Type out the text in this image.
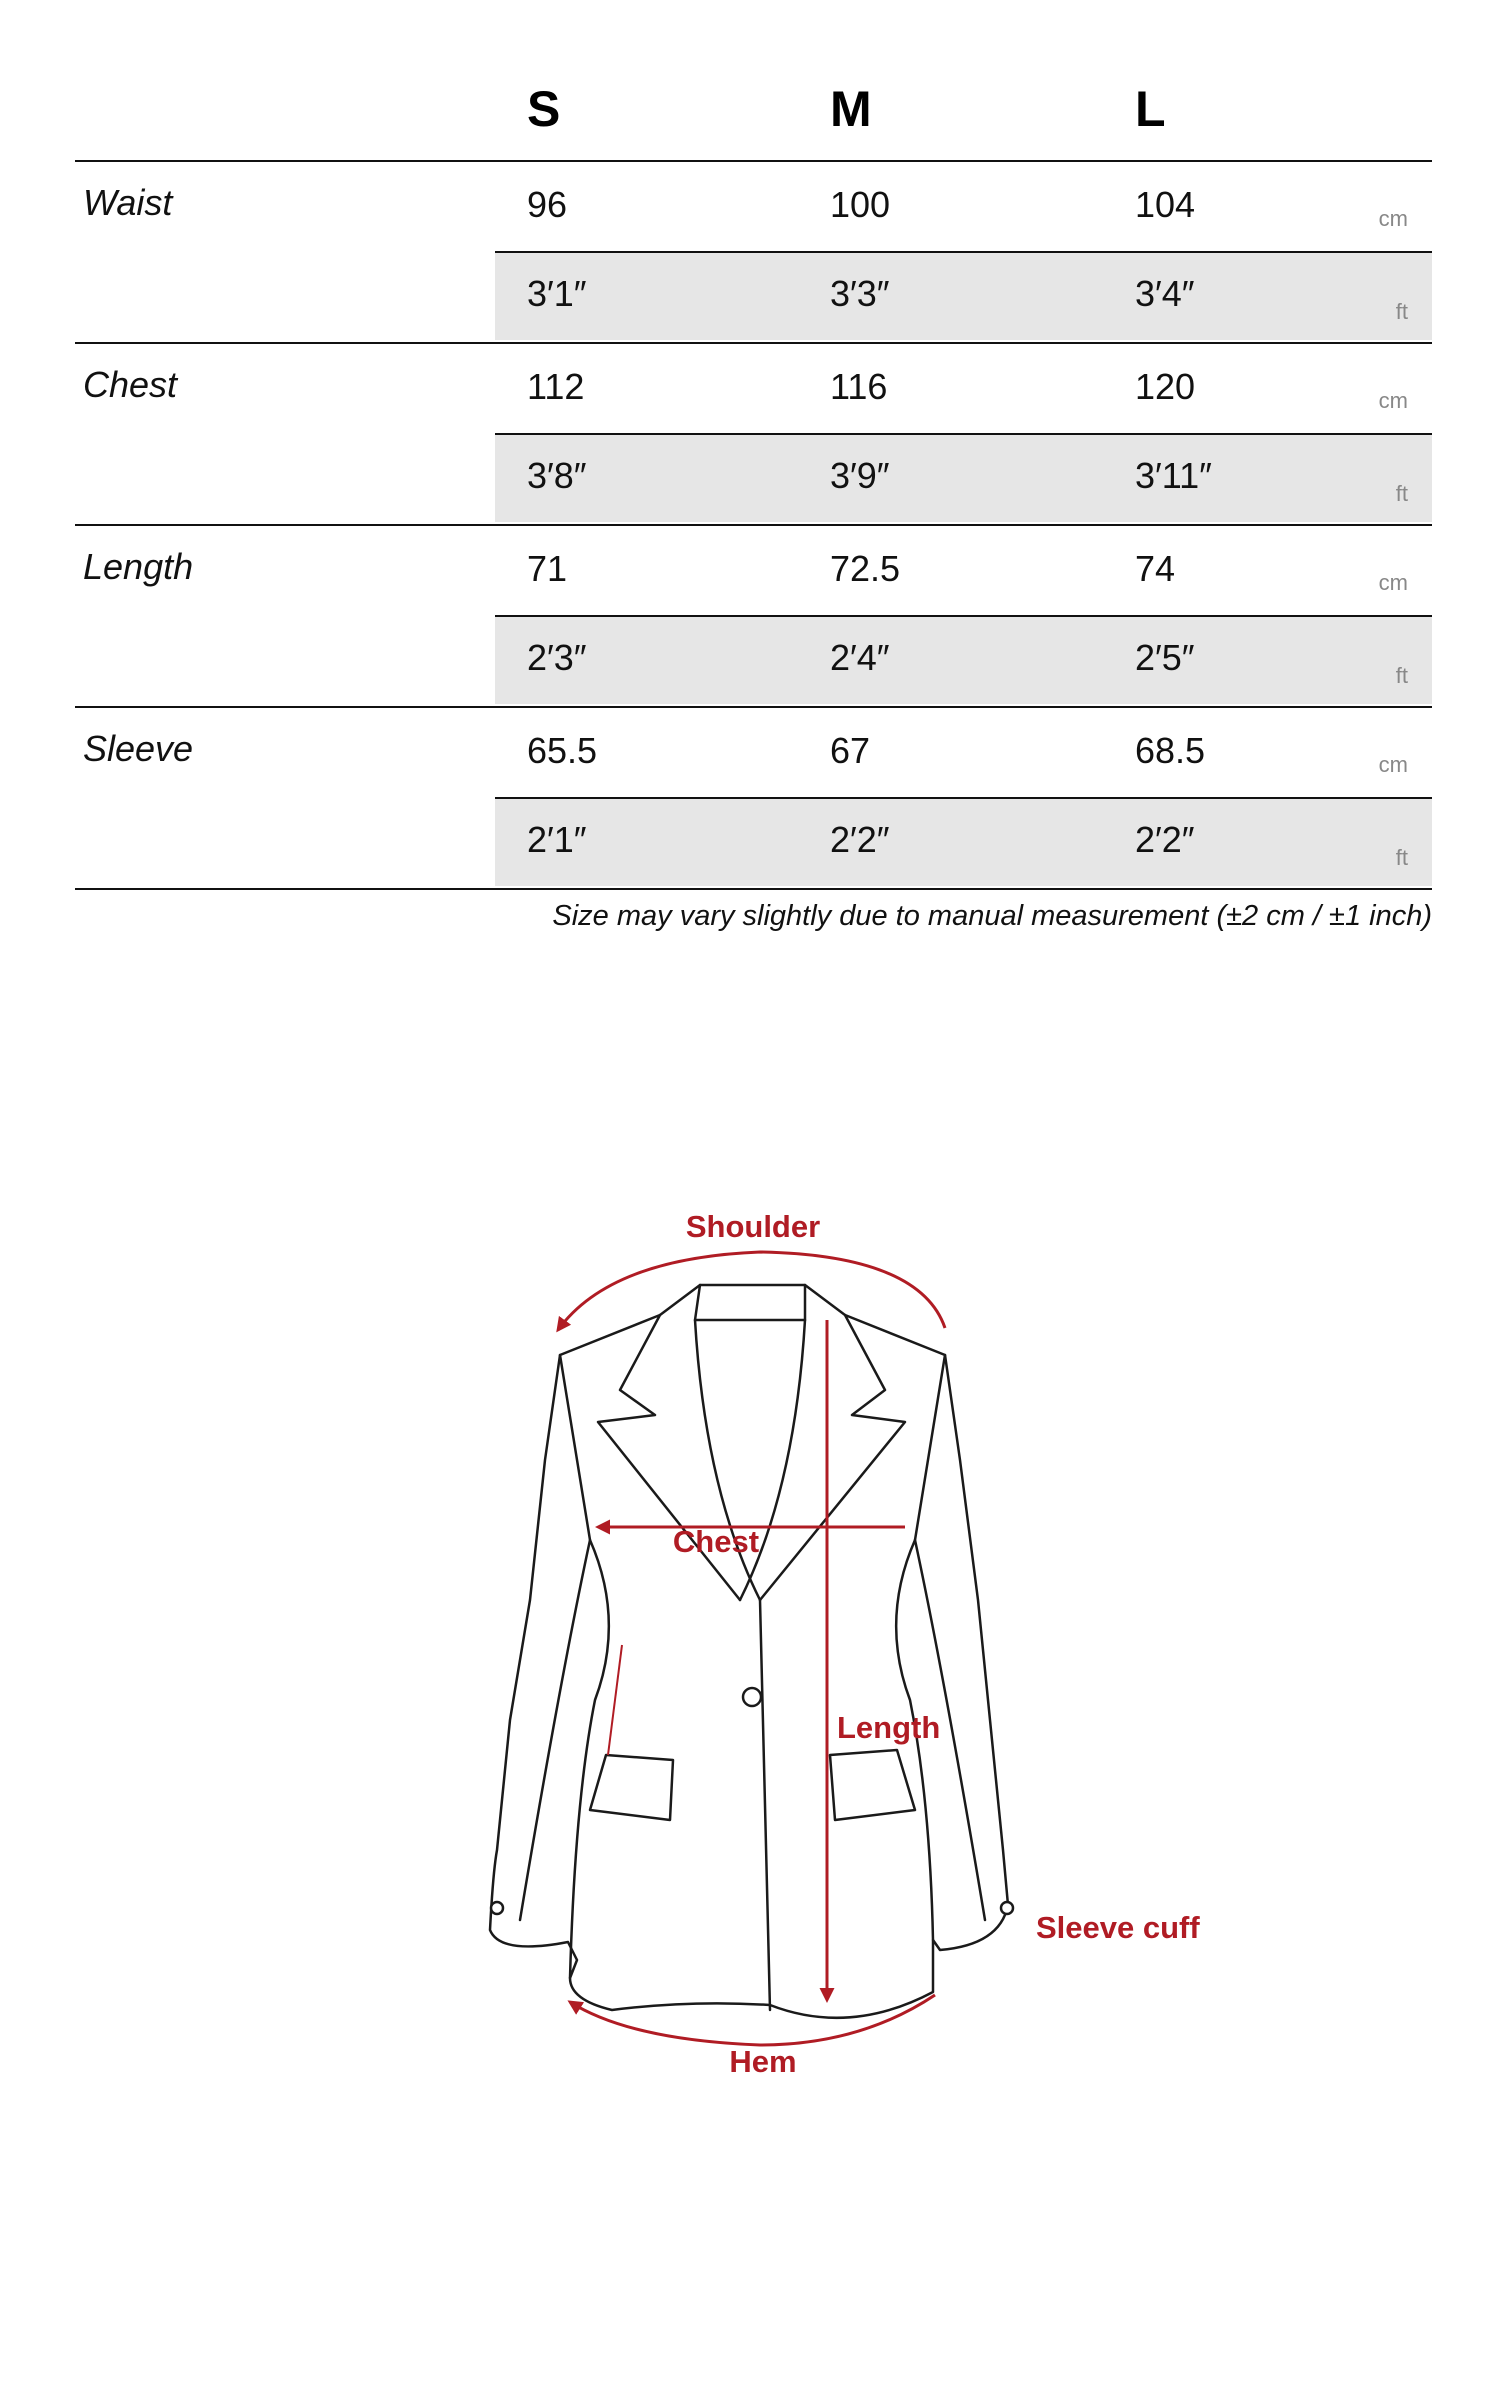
S	M	L
Waist	96	100	104	cm
3′1″	3′3″	3′4″	ft
Chest	112	116	120	cm
3′8″	3′9″	3′11″	ft
Length	71	72.5	74	cm
2′3″	2′4″	2′5″	ft
Sleeve	65.5	67	68.5	cm
2′1″	2′2″	2′2″	ft
Size may vary slightly due to manual measurement (±2 cm / ±1 inch)
Shoulder
Chest
Length
Sleeve cuff
Hem
